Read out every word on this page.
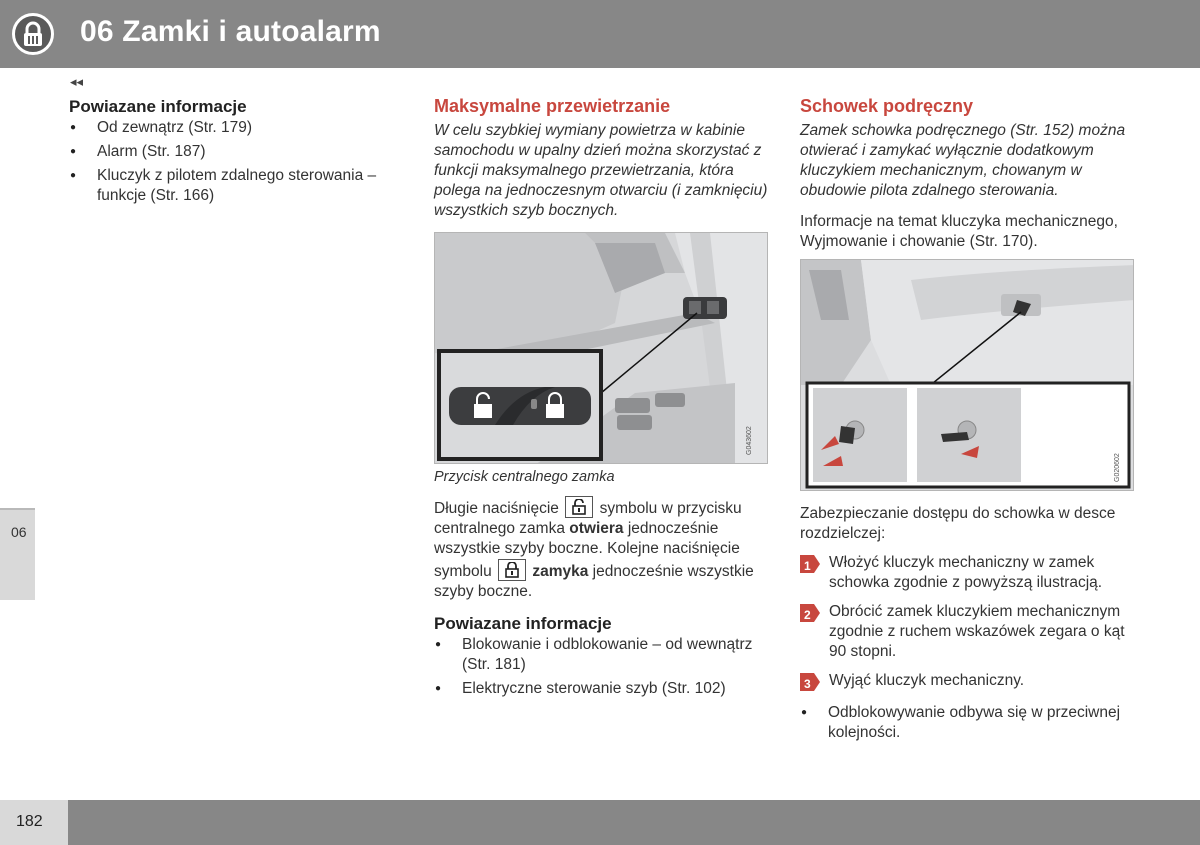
06 Zamki i autoalarm
◂◂
06
182
Powiazane informacje
● Od zewnątrz (Str. 179)
● Alarm (Str. 187)
● Kluczyk z pilotem zdalnego sterowania – funkcje (Str. 166)
Maksymalne przewietrzanie
W celu szybkiej wymiany powietrza w kabinie samochodu w upalny dzień można skorzystać z funkcji maksymalnego przewietrzania, która polega na jednoczesnym otwarciu (i zamknięciu) wszystkich szyb bocznych.
G043602
Przycisk centralnego zamka
Długie naciśnięcie	symbolu w przycisku centralnego zamka otwiera jednocześnie wszystkie szyby boczne. Kolejne naciśnięcie symbolu	zamyka jednocześnie wszystkie szyby boczne.
Powiazane informacje
● Blokowanie i odblokowanie – od wewnątrz (Str. 181)
● Elektryczne sterowanie szyb (Str. 102)
Schowek podręczny
Zamek schowka podręcznego (Str. 152) można otwierać i zamykać wyłącznie dodatkowym kluczykiem mechanicznym, chowanym w obudowie pilota zdalnego sterowania.
Informacje na temat kluczyka mechanicznego, Wyjmowanie i chowanie (Str. 170).
G020602
Zabezpieczanie dostępu do schowka w desce rozdzielczej:
1 Włożyć kluczyk mechaniczny w zamek schowka zgodnie z powyższą ilustracją.
2 Obrócić zamek kluczykiem mechanicznym zgodnie z ruchem wskazówek zegara o kąt 90 stopni.
3 Wyjąć kluczyk mechaniczny.
● Odblokowywanie odbywa się w przeciwnej kolejności.
